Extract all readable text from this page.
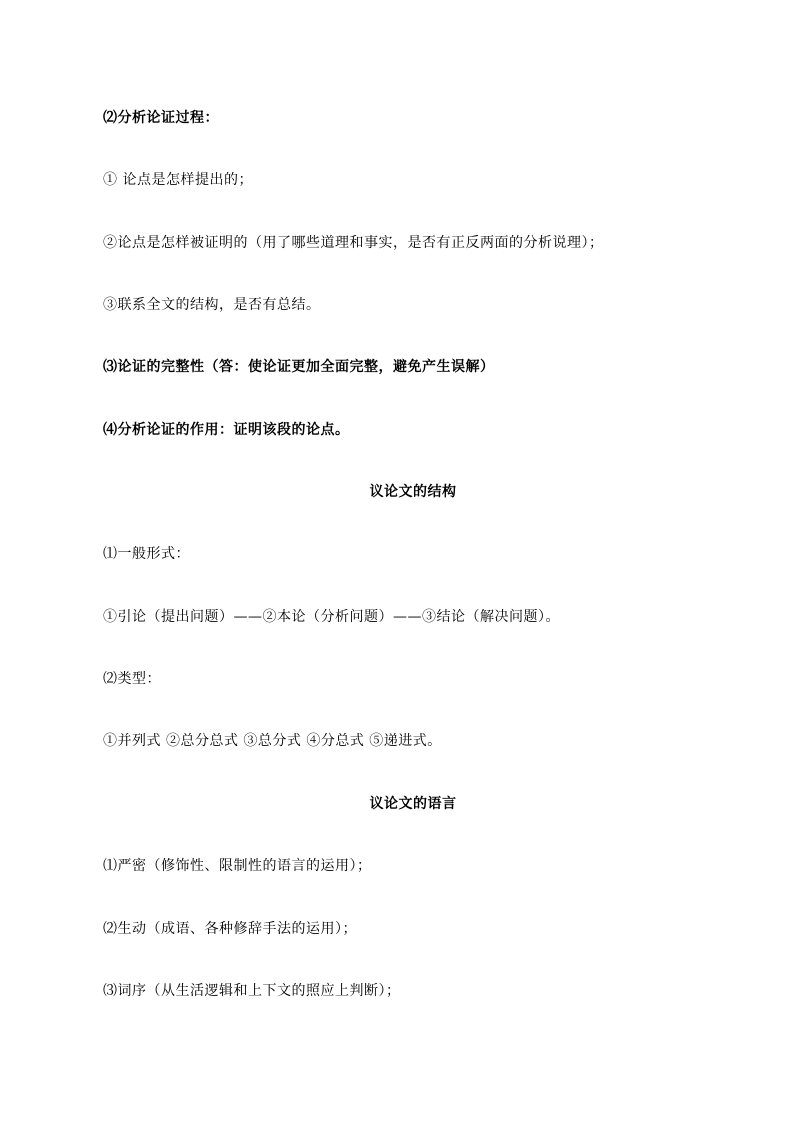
⑵分析论证过程：
① 论点是怎样提出的；
②论点是怎样被证明的（用了哪些道理和事实，是否有正反两面的分析说理）；
③联系全文的结构，是否有总结。
⑶论证的完整性（答：使论证更加全面完整，避免产生误解）
⑷分析论证的作用：证明该段的论点。
议论文的结构
⑴一般形式：
①引论（提出问题）——②本论（分析问题）——③结论（解决问题）。
⑵类型：
①并列式 ②总分总式 ③总分式 ④分总式 ⑤递进式。
议论文的语言
⑴严密（修饰性、限制性的语言的运用）；
⑵生动（成语、各种修辞手法的运用）；
⑶词序（从生活逻辑和上下文的照应上判断）；
